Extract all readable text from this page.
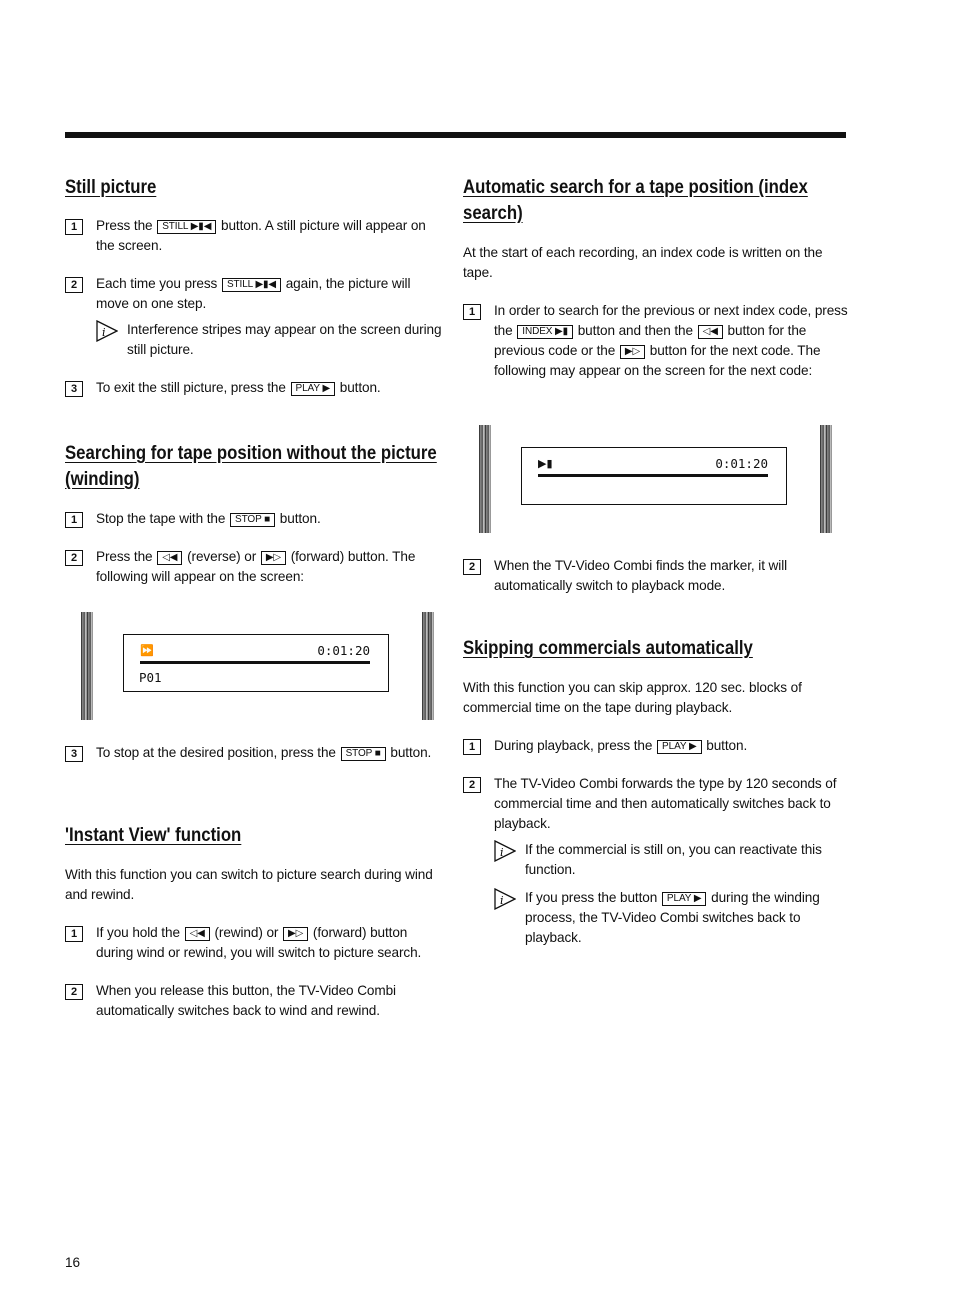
Still picture
1	Press the STILL ▶▮◀ button. A still picture will appear on the screen.
2	Each time you press STILL ▶▮◀ again, the picture will move on one step.
i Interference stripes may appear on the screen during still picture.
3	To exit the still picture, press the PLAY ▶ button.
Searching for tape position without the picture (winding)
1	Stop the tape with the STOP ■ button.
2	Press the ◁◀ (reverse) or ▶▷ (forward) button. The following will appear on the screen:
⏩	0:01:20
P01
3	To stop at the desired position, press the STOP ■ button.
'Instant View' function

With this function you can switch to picture search during wind and rewind.

1	If you hold the ◁◀ (rewind) or ▶▷ (forward) button during wind or rewind, you will switch to picture search.
2	When you release this button, the TV-Video Combi automatically switches back to wind and rewind.
Automatic search for a tape position (index search)

At the start of each recording, an index code is written on the tape.

1	In order to search for the previous or next index code, press the INDEX ▶▮ button and then the ◁◀ button for the previous code or the ▶▷ button for the next code. The following may appear on the screen for the next code:
▶▮	0:01:20
2	When the TV-Video Combi finds the marker, it will automatically switch to playback mode.
Skipping commercials automatically

With this function you can skip approx. 120 sec. blocks of commercial time on the tape during playback.

1	During playback, press the PLAY ▶ button.
2	The TV-Video Combi forwards the type by 120 seconds of commercial time and then automatically switches back to playback.
i If the commercial is still on, you can reactivate this function.
i If you press the button PLAY ▶ during the winding process, the TV-Video Combi switches back to playback.
16
